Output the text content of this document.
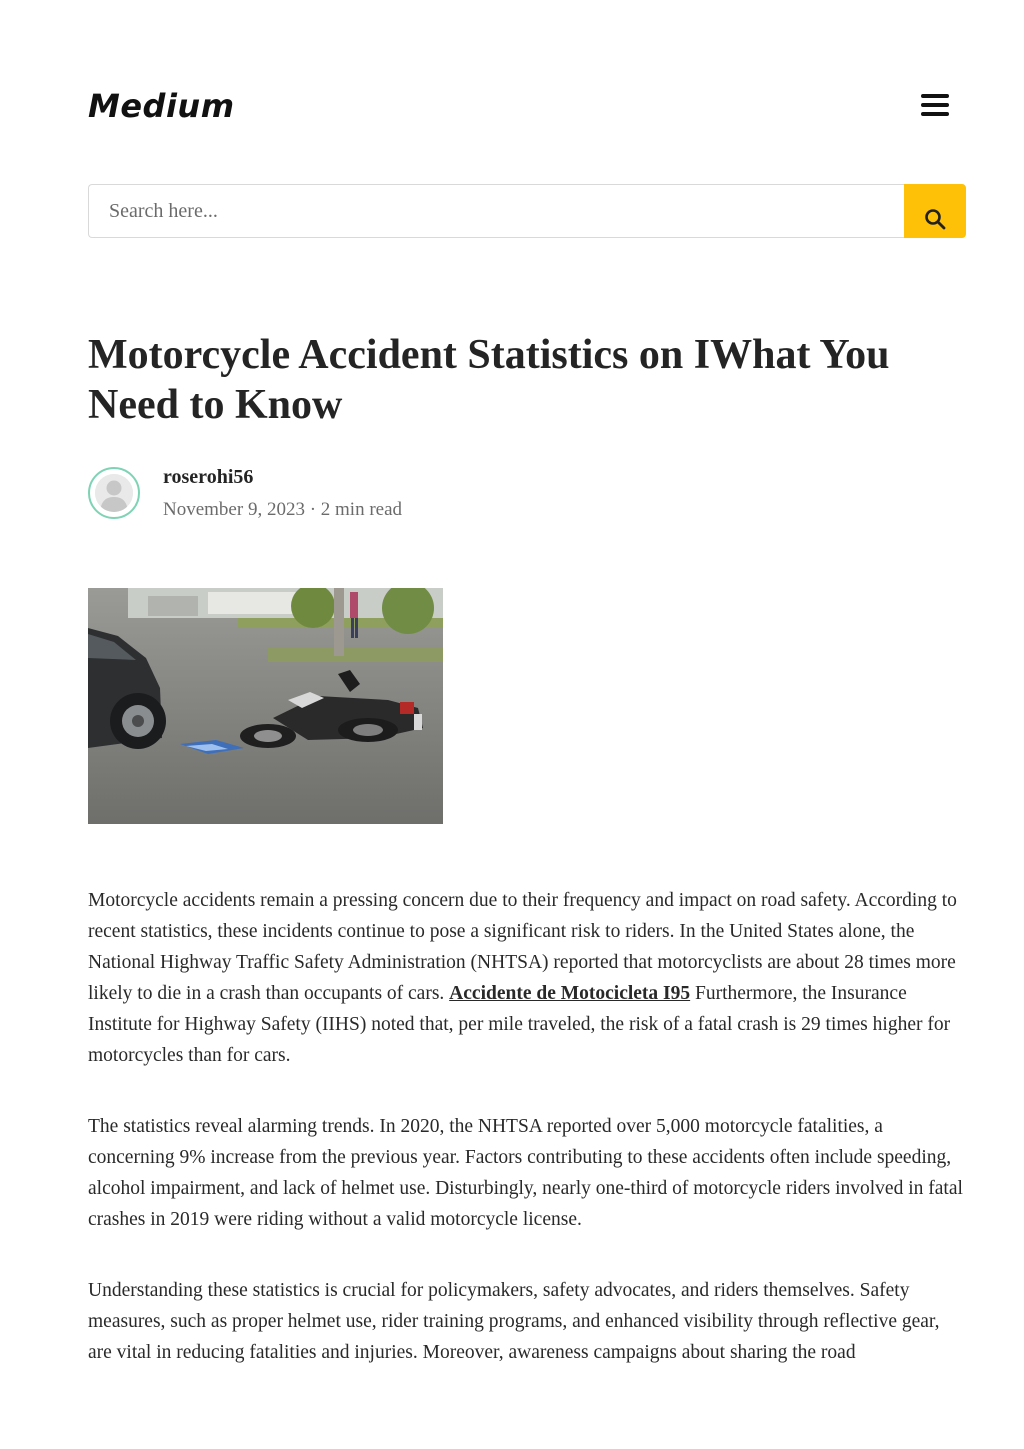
Medium
Search here...
Motorcycle Accident Statistics on IWhat You Need to Know
roserohi56
November 9, 2023 · 2 min read

Motorcycle accidents remain a pressing concern due to their frequency and impact on road safety. According to recent statistics, these incidents continue to pose a significant risk to riders. In the United States alone, the National Highway Traffic Safety Administration (NHTSA) reported that motorcyclists are about 28 times more likely to die in a crash than occupants of cars. Accidente de Motocicleta I95 Furthermore, the Insurance Institute for Highway Safety (IIHS) noted that, per mile traveled, the risk of a fatal crash is 29 times higher for motorcycles than for cars.

The statistics reveal alarming trends. In 2020, the NHTSA reported over 5,000 motorcycle fatalities, a concerning 9% increase from the previous year. Factors contributing to these accidents often include speeding, alcohol impairment, and lack of helmet use. Disturbingly, nearly one-third of motorcycle riders involved in fatal crashes in 2019 were riding without a valid motorcycle license.

Understanding these statistics is crucial for policymakers, safety advocates, and riders themselves. Safety measures, such as proper helmet use, rider training programs, and enhanced visibility through reflective gear, are vital in reducing fatalities and injuries. Moreover, awareness campaigns about sharing the road
